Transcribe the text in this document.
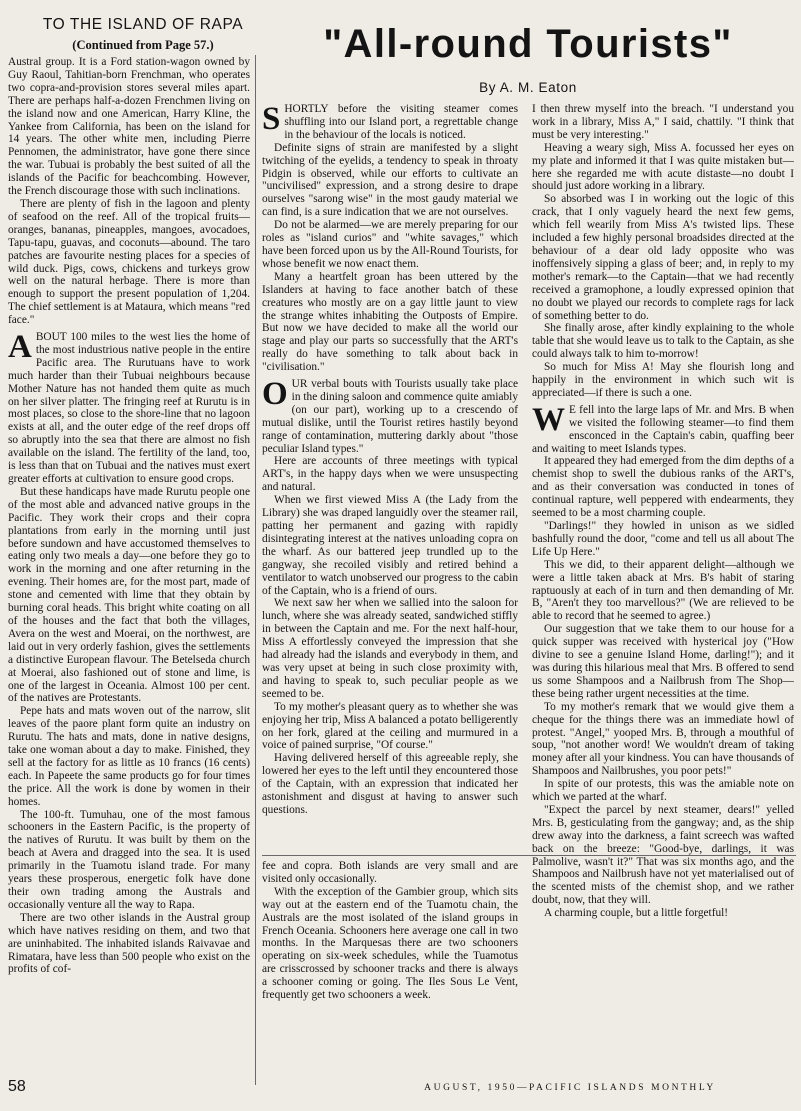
TO THE ISLAND OF RAPA
(Continued from Page 57.)	"All-round Tourists"
By A. M. Eaton

Austral group. It is a Ford station-wagon owned by Guy Raoul, Tahitian-born Frenchman, who operates two copra-and-provision stores several miles apart. There are perhaps half-a-dozen Frenchmen living on the island now and one American, Harry Kline, the Yankee from California, has been on the island for 14 years. The other white men, including Pierre Pennomen, the administrator, have gone there since the war. Tubuai is probably the best suited of all the islands of the Pacific for beachcombing. However, the French discourage those with such inclinations.

There are plenty of fish in the lagoon and plenty of seafood on the reef. All of the tropical fruits—oranges, bananas, pineapples, mangoes, avocadoes, Tapu-tapu, guavas, and coconuts—abound. The taro patches are favourite nesting places for a species of wild duck. Pigs, cows, chickens and turkeys grow well on the natural herbage. There is more than enough to support the present population of 1,204. The chief settlement is at Mataura, which means "red face."

ABOUT 100 miles to the west lies the home of the most industrious native people in the entire Pacific area. The Rurutuans have to work much harder than their Tubuai neighbours because Mother Nature has not handed them quite as much on her silver platter. The fringing reef at Rurutu is in most places, so close to the shore-line that no lagoon exists at all, and the outer edge of the reef drops off so abruptly into the sea that there are almost no fish available on the island. The fertility of the land, too, is less than that on Tubuai and the natives must exert greater efforts at cultivation to ensure good crops.

But these handicaps have made Rurutu people one of the most able and advanced native groups in the Pacific. They work their crops and their copra plantations from early in the morning until just before sundown and have accustomed themselves to eating only two meals a day—one before they go to work in the morning and one after returning in the evening. Their homes are, for the most part, made of stone and cemented with lime that they obtain by burning coral heads. This bright white coating on all of the houses and the fact that both the villages, Avera on the west and Moerai, on the northwest, are laid out in very orderly fashion, gives the settlements a distinctive European flavour. The Betelseda church at Moerai, also fashioned out of stone and lime, is one of the largest in Oceania. Almost 100 per cent. of the natives are Protestants.

Pepe hats and mats woven out of the narrow, slit leaves of the paore plant form quite an industry on Rurutu. The hats and mats, done in native designs, take one woman about a day to make. Finished, they sell at the factory for as little as 10 francs (16 cents) each. In Papeete the same products go for four times the price. All the work is done by women in their homes.

The 100-ft. Tumuhau, one of the most famous schooners in the Eastern Pacific, is the property of the natives of Rurutu. It was built by them on the beach at Avera and dragged into the sea. It is used primarily in the Tuamotu island trade. For many years these prosperous, energetic folk have done their own trading among the Australs and occasionally venture all the way to Rapa.

There are two other islands in the Austral group which have natives residing on them, and two that are uninhabited. The inhabited islands Raivavae and Rimatara, have less than 500 people who exist on the profits of cof-

fee and copra. Both islands are very small and are visited only occasionally.

With the exception of the Gambier group, which sits way out at the eastern end of the Tuamotu chain, the Australs are the most isolated of the island groups in French Oceania. Schooners here average one call in two months. In the Marquesas there are two schooners operating on six-week schedules, while the Tuamotus are crisscrossed by schooner tracks and there is always a schooner coming or going. The Iles Sous Le Vent, frequently get two schooners a week.

SHORTLY before the visiting steamer comes shuffling into our Island port, a regrettable change in the behaviour of the locals is noticed.

Definite signs of strain are manifested by a slight twitching of the eyelids, a tendency to speak in throaty Pidgin is observed, while our efforts to cultivate an "uncivilised" expression, and a strong desire to drape ourselves "sarong wise" in the most gaudy material we can find, is a sure indication that we are not ourselves.

Do not be alarmed—we are merely preparing for our roles as "island curios" and "white savages," which have been forced upon us by the All-Round Tourists, for whose benefit we now enact them.

Many a heartfelt groan has been uttered by the Islanders at having to face another batch of these creatures who mostly are on a gay little jaunt to view the strange whites inhabiting the Outposts of Empire. But now we have decided to make all the world our stage and play our parts so successfully that the ART's really do have something to talk about back in "civilisation."

OUR verbal bouts with Tourists usually take place in the dining saloon and commence quite amiably (on our part), working up to a crescendo of mutual dislike, until the Tourist retires hastily beyond range of contamination, muttering darkly about "those peculiar Island types."

Here are accounts of three meetings with typical ART's, in the happy days when we were unsuspecting and natural.

When we first viewed Miss A (the Lady from the Library) she was draped languidly over the steamer rail, patting her permanent and gazing with rapidly disintegrating interest at the natives unloading copra on the wharf. As our battered jeep trundled up to the gangway, she recoiled visibly and retired behind a ventilator to watch unobserved our progress to the cabin of the Captain, who is a friend of ours.

We next saw her when we sallied into the saloon for lunch, where she was already seated, sandwiched stiffly in between the Captain and me. For the next half-hour, Miss A effortlessly conveyed the impression that she had already had the islands and everybody in them, and was very upset at being in such close proximity with, and having to speak to, such peculiar people as we seemed to be.

To my mother's pleasant query as to whether she was enjoying her trip, Miss A balanced a potato belligerently on her fork, glared at the ceiling and murmured in a voice of pained surprise, "Of course."

Having delivered herself of this agreeable reply, she lowered her eyes to the left until they encountered those of the Captain, with an expression that indicated her astonishment and disgust at having to answer such questions.

I then threw myself into the breach. "I understand you work in a library, Miss A," I said, chattily. "I think that must be very interesting."

Heaving a weary sigh, Miss A. focussed her eyes on my plate and informed it that I was quite mistaken but—here she regarded me with acute distaste—no doubt I should just adore working in a library.

So absorbed was I in working out the logic of this crack, that I only vaguely heard the next few gems, which fell wearily from Miss A's twisted lips. These included a few highly personal broadsides directed at the behaviour of a dear old lady opposite who was inoffensively sipping a glass of beer; and, in reply to my mother's remark—to the Captain—that we had recently received a gramophone, a loudly expressed opinion that no doubt we played our records to complete rags for lack of something better to do.

She finally arose, after kindly explaining to the whole table that she would leave us to talk to the Captain, as she could always talk to him to-morrow!

So much for Miss A! May she flourish long and happily in the environment in which such wit is appreciated—if there is such a one.

W E fell into the large laps of Mr. and Mrs. B when we visited the following steamer—to find them ensconced in the Captain's cabin, quaffing beer and waiting to meet Islands types.

It appeared they had emerged from the dim depths of a chemist shop to swell the dubious ranks of the ART's, and as their conversation was conducted in tones of continual rapture, well peppered with endearments, they seemed to be a most charming couple.

"Darlings!" they howled in unison as we sidled bashfully round the door, "come and tell us all about The Life Up Here."

This we did, to their apparent delight—although we were a little taken aback at Mrs. B's habit of staring raptuously at each of in turn and then demanding of Mr. B, "Aren't they too marvellous?" (We are relieved to be able to record that he seemed to agree.)

Our suggestion that we take them to our house for a quick supper was received with hysterical joy ("How divine to see a genuine Island Home, darling!"); and it was during this hilarious meal that Mrs. B offered to send us some Shampoos and a Nailbrush from The Shop—these being rather urgent necessities at the time.

To my mother's remark that we would give them a cheque for the things there was an immediate howl of protest. "Angel," yooped Mrs. B, through a mouthful of soup, "not another word! We wouldn't dream of taking money after all your kindness. You can have thousands of Shampoos and Nailbrushes, you poor pets!"

In spite of our protests, this was the amiable note on which we parted at the wharf.

"Expect the parcel by next steamer, dears!" yelled Mrs. B, gesticulating from the gangway; and, as the ship drew away into the darkness, a faint screech was wafted back on the breeze: "Good-bye, darlings, it was Palmolive, wasn't it?" That was six months ago, and the Shampoos and Nailbrush have not yet materialised out of the scented mists of the chemist shop, and we rather doubt, now, that they will.

A charming couple, but a little forgetful!

58	AUGUST, 1950—PACIFIC ISLANDS MONTHLY
